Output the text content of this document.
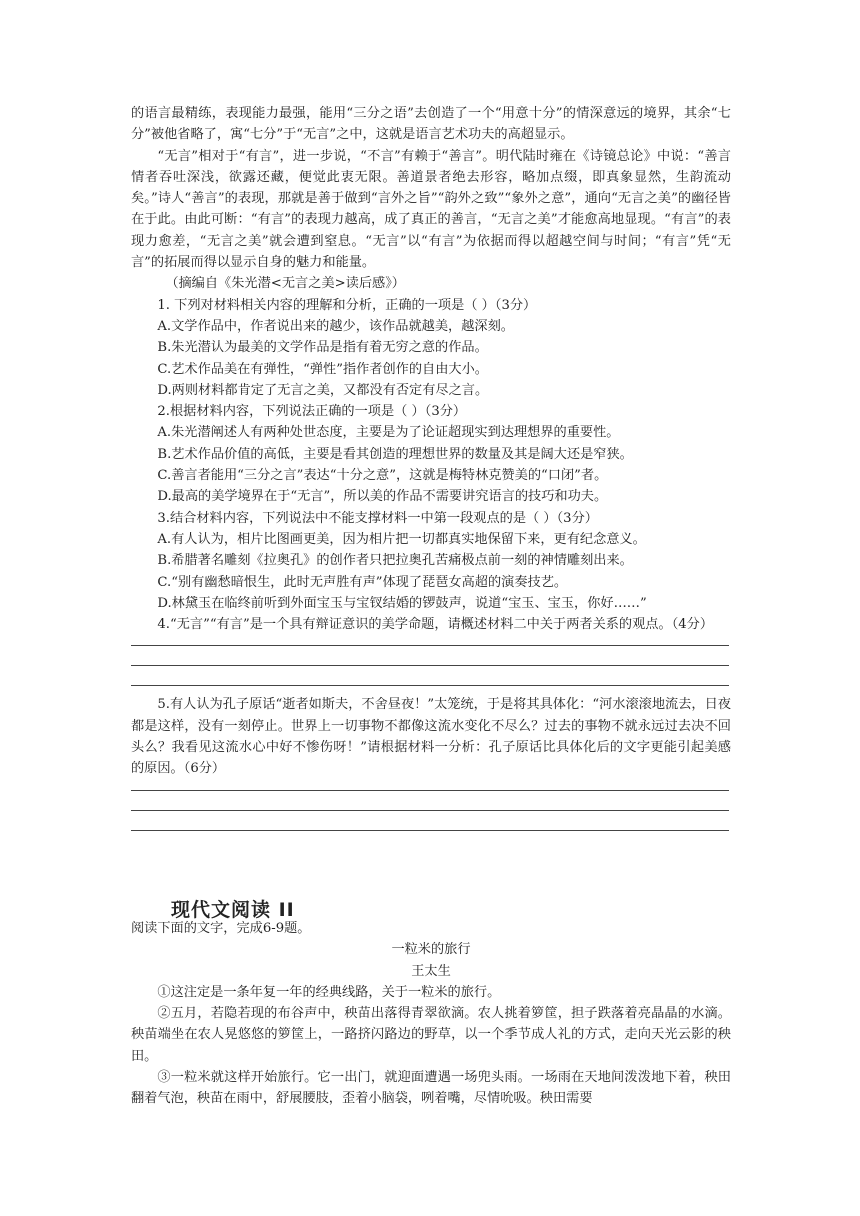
的语言最精练，表现能力最强，能用“三分之语”去创造了一个“用意十分”的情深意远的境界，其余“七分”被他省略了，寓“七分”于“无言”之中，这就是语言艺术功夫的高超显示。

“无言”相对于“有言”，进一步说，“不言”有赖于“善言”。明代陆时雍在《诗镜总论》中说：“善言情者吞吐深浅，欲露还藏，便觉此衷无限。善道景者绝去形容，略加点缀，即真象显然，生韵流动矣。”诗人“善言”的表现，那就是善于做到“言外之旨”“韵外之致”“象外之意”，通向“无言之美”的幽径皆在于此。由此可断：“有言”的表现力越高，成了真正的善言，“无言之美”才能愈高地显现。“有言”的表现力愈差，“无言之美”就会遭到窒息。“无言”以“有言”为依据而得以超越空间与时间；“有言”凭“无言”的拓展而得以显示自身的魅力和能量。

（摘编自《朱光潜<无言之美>读后感》）

1. 下列对材料相关内容的理解和分析，正确的一项是（ ）（3分）

A.文学作品中，作者说出来的越少，该作品就越美，越深刻。

B.朱光潜认为最美的文学作品是指有着无穷之意的作品。

C.艺术作品美在有弹性，“弹性”指作者创作的自由大小。

D.两则材料都肯定了无言之美，又都没有否定有尽之言。

2.根据材料内容，下列说法正确的一项是（ ）（3分）

A.朱光潜阐述人有两种处世态度，主要是为了论证超现实到达理想界的重要性。

B.艺术作品价值的高低，主要是看其创造的理想世界的数量及其是阔大还是窄狭。

C.善言者能用“三分之言”表达“十分之意”，这就是梅特林克赞美的“口闭”者。

D.最高的美学境界在于“无言”，所以美的作品不需要讲究语言的技巧和功夫。

3.结合材料内容，下列说法中不能支撑材料一中第一段观点的是（ ）（3分）

A.有人认为，相片比图画更美，因为相片把一切都真实地保留下来，更有纪念意义。

B.希腊著名雕刻《拉奥孔》的创作者只把拉奥孔苦痛极点前一刻的神情雕刻出来。

C.“别有幽愁暗恨生，此时无声胜有声”体现了琵琶女高超的演奏技艺。

D.林黛玉在临终前听到外面宝玉与宝钗结婚的锣鼓声，说道“宝玉、宝玉，你好……”

4.“无言”“有言”是一个具有辩证意识的美学命题，请概述材料二中关于两者关系的观点。（4分）

5.有人认为孔子原话“逝者如斯夫，不舍昼夜！”太笼统，于是将其具体化：“河水滚滚地流去，日夜都是这样，没有一刻停止。世界上一切事物不都像这流水变化不尽么？过去的事物不就永远过去决不回头么？我看见这流水心中好不惨伤呀！”请根据材料一分析：孔子原话比具体化后的文字更能引起美感的原因。（6分）

现代文阅读 II

阅读下面的文字，完成6-9题。

一粒米的旅行

王太生

①这注定是一条年复一年的经典线路，关于一粒米的旅行。

②五月，若隐若现的布谷声中，秧苗出落得青翠欲滴。农人挑着箩筐，担子跌落着亮晶晶的水滴。秧苗端坐在农人晃悠悠的箩筐上，一路挤闪路边的野草，以一个季节成人礼的方式，走向天光云影的秧田。

③一粒米就这样开始旅行。它一出门，就迎面遭遇一场兜头雨。一场雨在天地间泼泼地下着，秧田翻着气泡，秧苗在雨中，舒展腰肢，歪着小脑袋，咧着嘴，尽情吮吸。秧田需要
